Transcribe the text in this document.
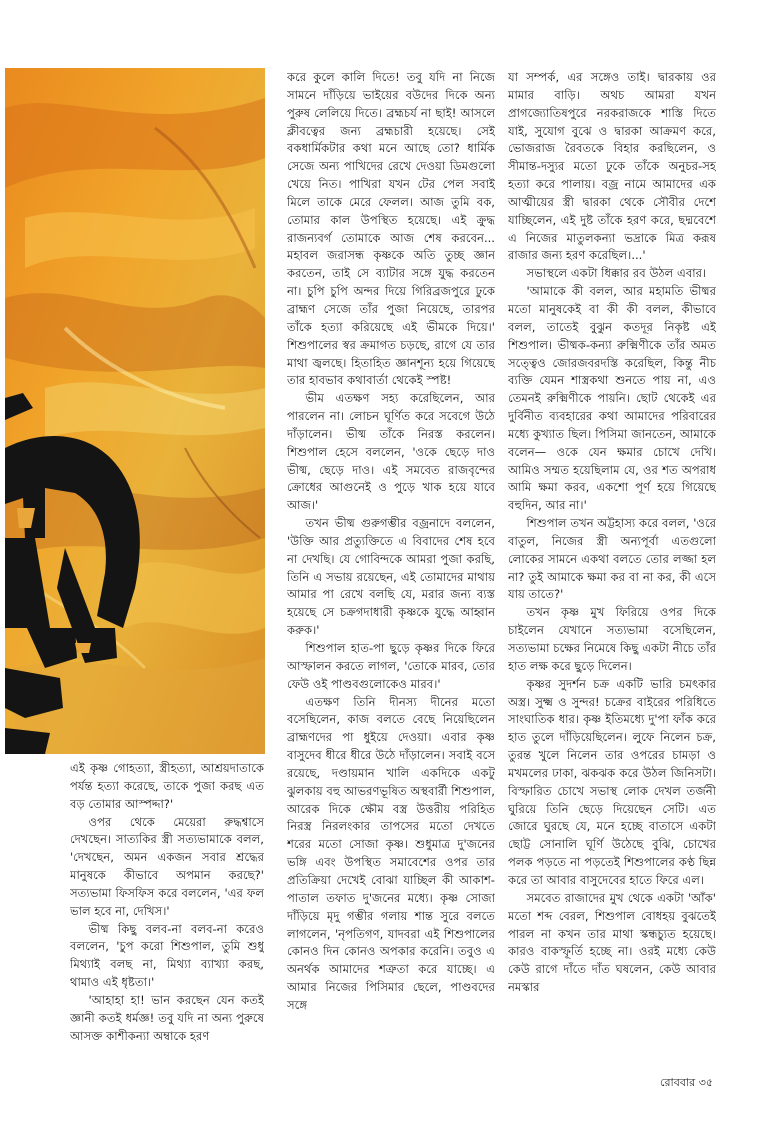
এই কৃষ্ণ গোহত্যা, স্ত্রীহত্যা, আশ্রয়দাতাকে পর্যন্ত হত্যা করেছে, তাকে পুজা করছ এত বড় তোমার আস্পদ্দা?'

ওপর থেকে মেয়েরা রুদ্ধশ্বাসে দেখছেন। সাত্যকির স্ত্রী সত্যভামাকে বলল, 'দেখছেন, অমন একজন সবার শ্রদ্ধের মানুষকে কীভাবে অপমান করছে?' সত্যভামা ফিসফিস করে বললেন, 'এর ফল ভাল হবে না, দেখিস।'

ভীষ্ম কিছু বলব-না বলব-না করেও বললেন, 'চুপ করো শিশুপাল, তুমি শুধু মিথ্যাই বলছ না, মিথ্যা ব্যাখ্যা করছ, থামাও এই ধৃষ্টতা।'

'আহাহা হা! ভান করছেন যেন কতই জ্ঞানী কতই ধর্মজ্ঞ! তবু যদি না অন্য পুরুষে আসক্ত কাশীকন্যা অম্বাকে হরণ

করে কুলে কালি দিতে! তবু যদি না নিজে সামনে দাঁড়িয়ে ভাইয়ের বউদের দিকে অন্য পুরুষ লেলিয়ে দিতে। ব্রহ্মচর্য না ছাই! আসলে ক্লীবত্বের জন্য ব্রহ্মচারী হয়েছে। সেই বকধার্মিকটার কথা মনে আছে তো? ধার্মিক সেজে অন্য পাখিদের রেখে দেওয়া ডিমগুলো খেয়ে নিত। পাখিরা যখন টের পেল সবাই মিলে তাকে মেরে ফেলল। আজ তুমি বক, তোমার কাল উপস্থিত হয়েছে। এই ক্রুদ্ধ রাজন্যবর্গ তোমাকে আজ শেষ করবেন... মহাবল জরাসন্ধ কৃষ্ণকে অতি তুচ্ছ জ্ঞান করতেন, তাই সে ব্যাটার সঙ্গে যুদ্ধ করতেন না। চুপি চুপি অন্দর দিয়ে গিরিব্রজপুরে ঢুকে ব্রাহ্মণ সেজে তাঁর পুজা নিয়েছে, তারপর তাঁকে হত্যা করিয়েছে এই ভীমকে দিয়ে।' শিশুপালের স্বর ক্রমাগত চড়ছে, রাগে যে তার মাথা জ্বলছে। হিতাহিত জ্ঞানশূন্য হয়ে গিয়েছে তার হাবভাব কথাবার্তা থেকেই স্পষ্ট!

ভীম এতক্ষণ সহ্য করেছিলেন, আর পারলেন না। লোচন ঘূর্ণিত করে সবেগে উঠে দাঁড়ালেন। ভীষ্ম তাঁকে নিরস্ত করলেন। শিশুপাল হেসে বললেন, 'ওকে ছেড়ে দাও ভীষ্ম, ছেড়ে দাও। এই সমবেত রাজবৃন্দের ক্রোধের আগুনেই ও পুড়ে খাক হয়ে যাবে আজ।'

তখন ভীষ্ম গুরুগম্ভীর বজ্রনাদে বললেন, 'উক্তি আর প্রত্যুক্তিতে এ বিবাদের শেষ হবে না দেখছি। যে গোবিন্দকে আমরা পুজা করছি, তিনি এ সভায় রয়েছেন, এই তোমাদের মাথায় আমার পা রেখে বলছি যে, মরার জন্য ব্যস্ত হয়েছে সে চক্রগদাধারী কৃষ্ণকে যুদ্ধে আহ্বান করুক।'

শিশুপাল হাত-পা ছুড়ে কৃষ্ণর দিকে ফিরে আস্ফালন করতে লাগল, 'তোকে মারব, তোর ফেউ ওই পাণ্ডবগুলোকেও মারব।'

এতক্ষণ তিনি দীনস্য দীনের মতো বসেছিলেন, কাজ বলতে বেছে নিয়েছিলেন ব্রাহ্মণদের পা ধুইয়ে দেওয়া। এবার কৃষ্ণ বাসুদেব ধীরে ধীরে উঠে দাঁড়ালেন। সবাই বসে রয়েছে, দণ্ডায়মান খালি একদিকে একটু ঝুলকায় বহু আভরণভূষিত অস্থবার্রী শিশুপাল, আরেক দিকে ক্ষৌম বস্ত্র উত্তরীয় পরিহিত নিরস্ত্র নিরলংকার তাপসের মতো দেখতে শরের মতো সোজা কৃষ্ণ। শুধুমাত্র দু'জনের ভঙ্গি এবং উপস্থিত সমাবেশের ওপর তার প্রতিক্রিয়া দেখেই বোঝা যাচ্ছিল কী আকাশ-পাতাল তফাত দু'জনের মধ্যে। কৃষ্ণ সোজা দাঁড়িয়ে মৃদু গম্ভীর গলায় শান্ত সুরে বলতে লাগলেন, 'নৃপতিগণ, যাদবরা এই শিশুপালের কোনও দিন কোনও অপকার করেনি। তবুও এ অনর্থক আমাদের শত্রুতা করে যাচ্ছে। এ আমার নিজের পিসিমার ছেলে, পাণ্ডবদের সঙ্গে

যা সম্পর্ক, এর সঙ্গেও তাই। দ্বারকায় ওর মামার বাড়ি। অথচ আমরা যখন প্রাগজ্যোতিষপুরে নরকরাজকে শাস্তি দিতে যাই, সুযোগ বুঝে ও দ্বারকা আক্রমণ করে, ভোজরাজ রৈবতকে বিহার করছিলেন, ও সীমান্ত-দস্যুর মতো ঢুকে তাঁকে অনুচর-সহ হত্যা করে পালায়। বজ্র নামে আমাদের এক আত্মীয়ের স্ত্রী দ্বারকা থেকে সৌবীর দেশে যাচ্ছিলেন, এই দুষ্ট তাঁকে হরণ করে, ছদ্মবেশে এ নিজের মাতুলকন্যা ভদ্রাকে মিত্র করূষ রাজার জন্য হরণ করেছিল।...'

সভাস্থলে একটা ধিক্কার রব উঠল এবার।

'আমাকে কী বলল, আর মহামতি ভীষ্মর মতো মানুষকেই বা কী কী বলল, কীভাবে বলল, তাতেই বুঝুন কতদূর নিকৃষ্ট এই শিশুপাল। ভীষ্মক-কন্যা রুক্মিণীকে তাঁর অমত সত্ত্বেও জোরজবরদস্তি করেছিল, কিন্তু নীচ ব্যক্তি যেমন শাস্ত্রকথা শুনতে পায় না, এও তেমনই রুক্মিণীকে পায়নি। ছোট থেকেই এর দুর্বিনীত ব্যবহারের কথা আমাদের পরিবারের মধ্যে কুখ্যাত ছিল। পিসিমা জানতেন, আমাকে বলেন— ওকে যেন ক্ষমার চোখে দেখি। আমিও সম্মত হয়েছিলাম যে, ওর শত অপরাধ আমি ক্ষমা করব, একশো পূর্ণ হয়ে গিয়েছে বহুদিন, আর না।'

শিশুপাল তখন অট্টহাস্য করে বলল, 'ওরে বাতুল, নিজের স্ত্রী অন্যপূর্বা এতগুলো লোকের সামনে একথা বলতে তোর লজ্জা হল না? তুই আমাকে ক্ষমা কর বা না কর, কী এসে যায় তাতে?'

তখন কৃষ্ণ মুখ ফিরিয়ে ওপর দিকে চাইলেন যেখানে সত্যভামা বসেছিলেন, সত্যভামা চক্ষের নিমেষে কিছু একটা নীচে তাঁর হাত লক্ষ করে ছুড়ে দিলেন।

কৃষ্ণর সুদর্শন চক্র একটি ভারি চমৎকার অস্ত্র। সুক্ষ্ম ও সুন্দর! চক্রের বাইরের পরিধিতে সাংঘাতিক ধার। কৃষ্ণ ইতিমধ্যে দু'পা ফাঁক করে হাত তুলে দাঁড়িয়েছিলেন। লুফে নিলেন চক্র, তুরন্ত খুলে নিলেন তার ওপরের চামড়া ও মখমলের ঢাকা, ঝকঝক করে উঠল জিনিসটা। বিস্ফারিত চোখে সভাস্থ লোক দেখল তর্জনী ঘুরিয়ে তিনি ছেড়ে দিয়েছেন সেটি। এত জোরে ঘুরছে যে, মনে হচ্ছে বাতাসে একটা ছোট্ট সোনালি ঘূর্ণি উঠেছে বুঝি, চোখের পলক পড়তে না পড়তেই শিশুপালের কণ্ঠ ছিন্ন করে তা আবার বাসুদেবের হাতে ফিরে এল।

সমবেত রাজাদের মুখ থেকে একটা 'আঁক' মতো শব্দ বেরল, শিশুপাল বোধহয় বুঝতেই পারল না কখন তার মাথা স্কন্ধচ্যুত হয়েছে। কারও বাকস্ফূর্তি হচ্ছে না। ওরই মধ্যে কেউ কেউ রাগে দাঁতে দাঁত ঘষলেন, কেউ আবার নমস্কার

রোববার ৩৫
